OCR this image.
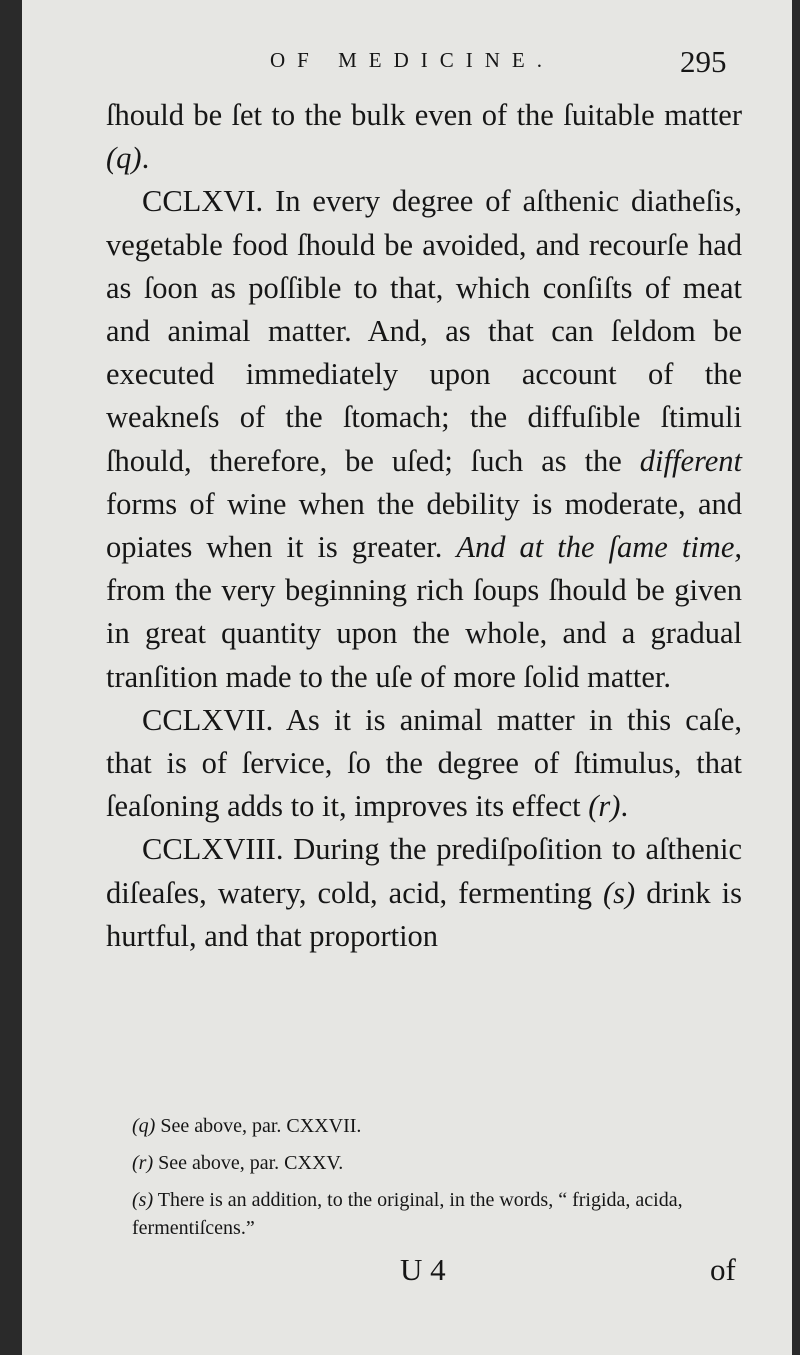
OF MEDICINE.	295

ſhould be ſet to the bulk even of the ſuitable matter (q).

CCLXVI. In every degree of aſthenic diatheſis, vegetable food ſhould be avoided, and recourſe had as ſoon as poſſible to that, which conſiſts of meat and animal matter. And, as that can ſeldom be executed immediately upon account of the weakneſs of the ſtomach; the diffuſible ſtimuli ſhould, therefore, be uſed; ſuch as the different forms of wine when the debility is moderate, and opiates when it is greater. And at the ſame time, from the very beginning rich ſoups ſhould be given in great quantity upon the whole, and a gradual tranſition made to the uſe of more ſolid matter.

CCLXVII. As it is animal matter in this caſe, that is of ſervice, ſo the degree of ſtimulus, that ſeaſoning adds to it, improves its effect (r).

CCLXVIII. During the prediſpoſition to aſthenic diſeaſes, watery, cold, acid, fermenting (s) drink is hurtful, and that proportion

(q) See above, par. CXXVII.

(r) See above, par. CXXV.

(s) There is an addition, to the original, in the words, “ frigida, acida, fermentiſcens.”

U 4	of
